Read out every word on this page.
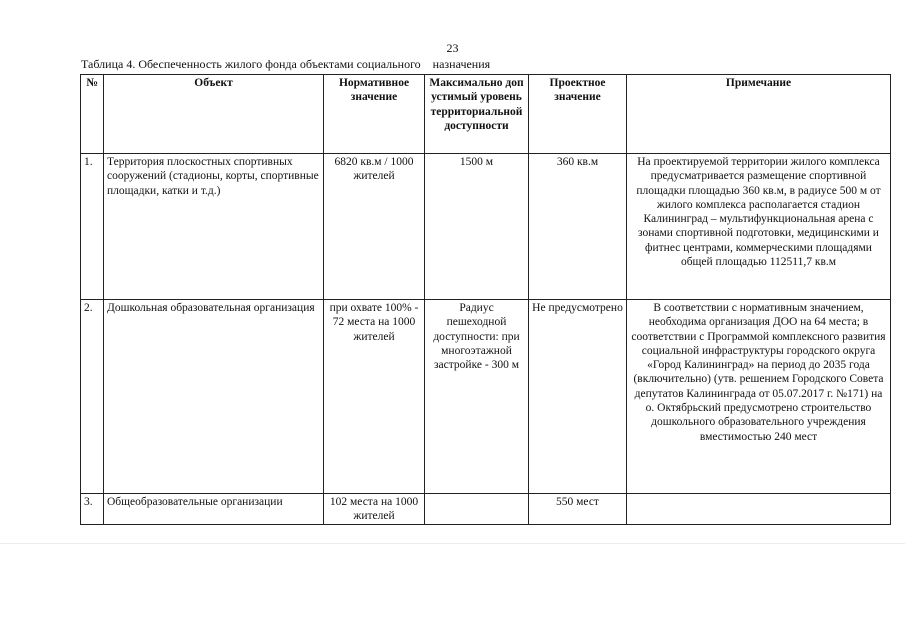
23
Таблица 4. Обеспеченность жилого фонда объектами социального    назначения
№	Объект	Нормативное значение	Максимально допустимый уровень территориальной доступности	Проектное значение	Примечание
1.	Территория плоскостных спортивных сооружений (стадионы, корты, спортивные площадки, катки и т.д.)	6820 кв.м / 1000 жителей	1500 м	360 кв.м	На проектируемой территории жилого комплекса предусматривается размещение спортивной площадки площадью 360 кв.м, в радиусе 500 м от жилого комплекса располагается стадион Калининград – мультифункциональная арена с зонами спортивной подготовки, медицинскими и фитнес центрами, коммерческими площадями общей площадью 112511,7 кв.м
2.	Дошкольная образовательная организация	при охвате 100% - 72 места на 1000 жителей	Радиус пешеходной доступности: при многоэтажной застройке - 300 м	Не предусмотрено	В соответствии с нормативным значением, необходима организация ДОО на 64 места; в соответствии с Программой комплексного развития социальной инфраструктуры городского округа «Город Калининград» на период до 2035 года (включительно) (утв. решением Городского Совета депутатов Калининграда от 05.07.2017 г. №171) на о. Октябрьский предусмотрено строительство дошкольного образовательного учреждения вместимостью 240 мест
3.	Общеобразовательные организации	102 места на 1000 жителей		550 мест	
